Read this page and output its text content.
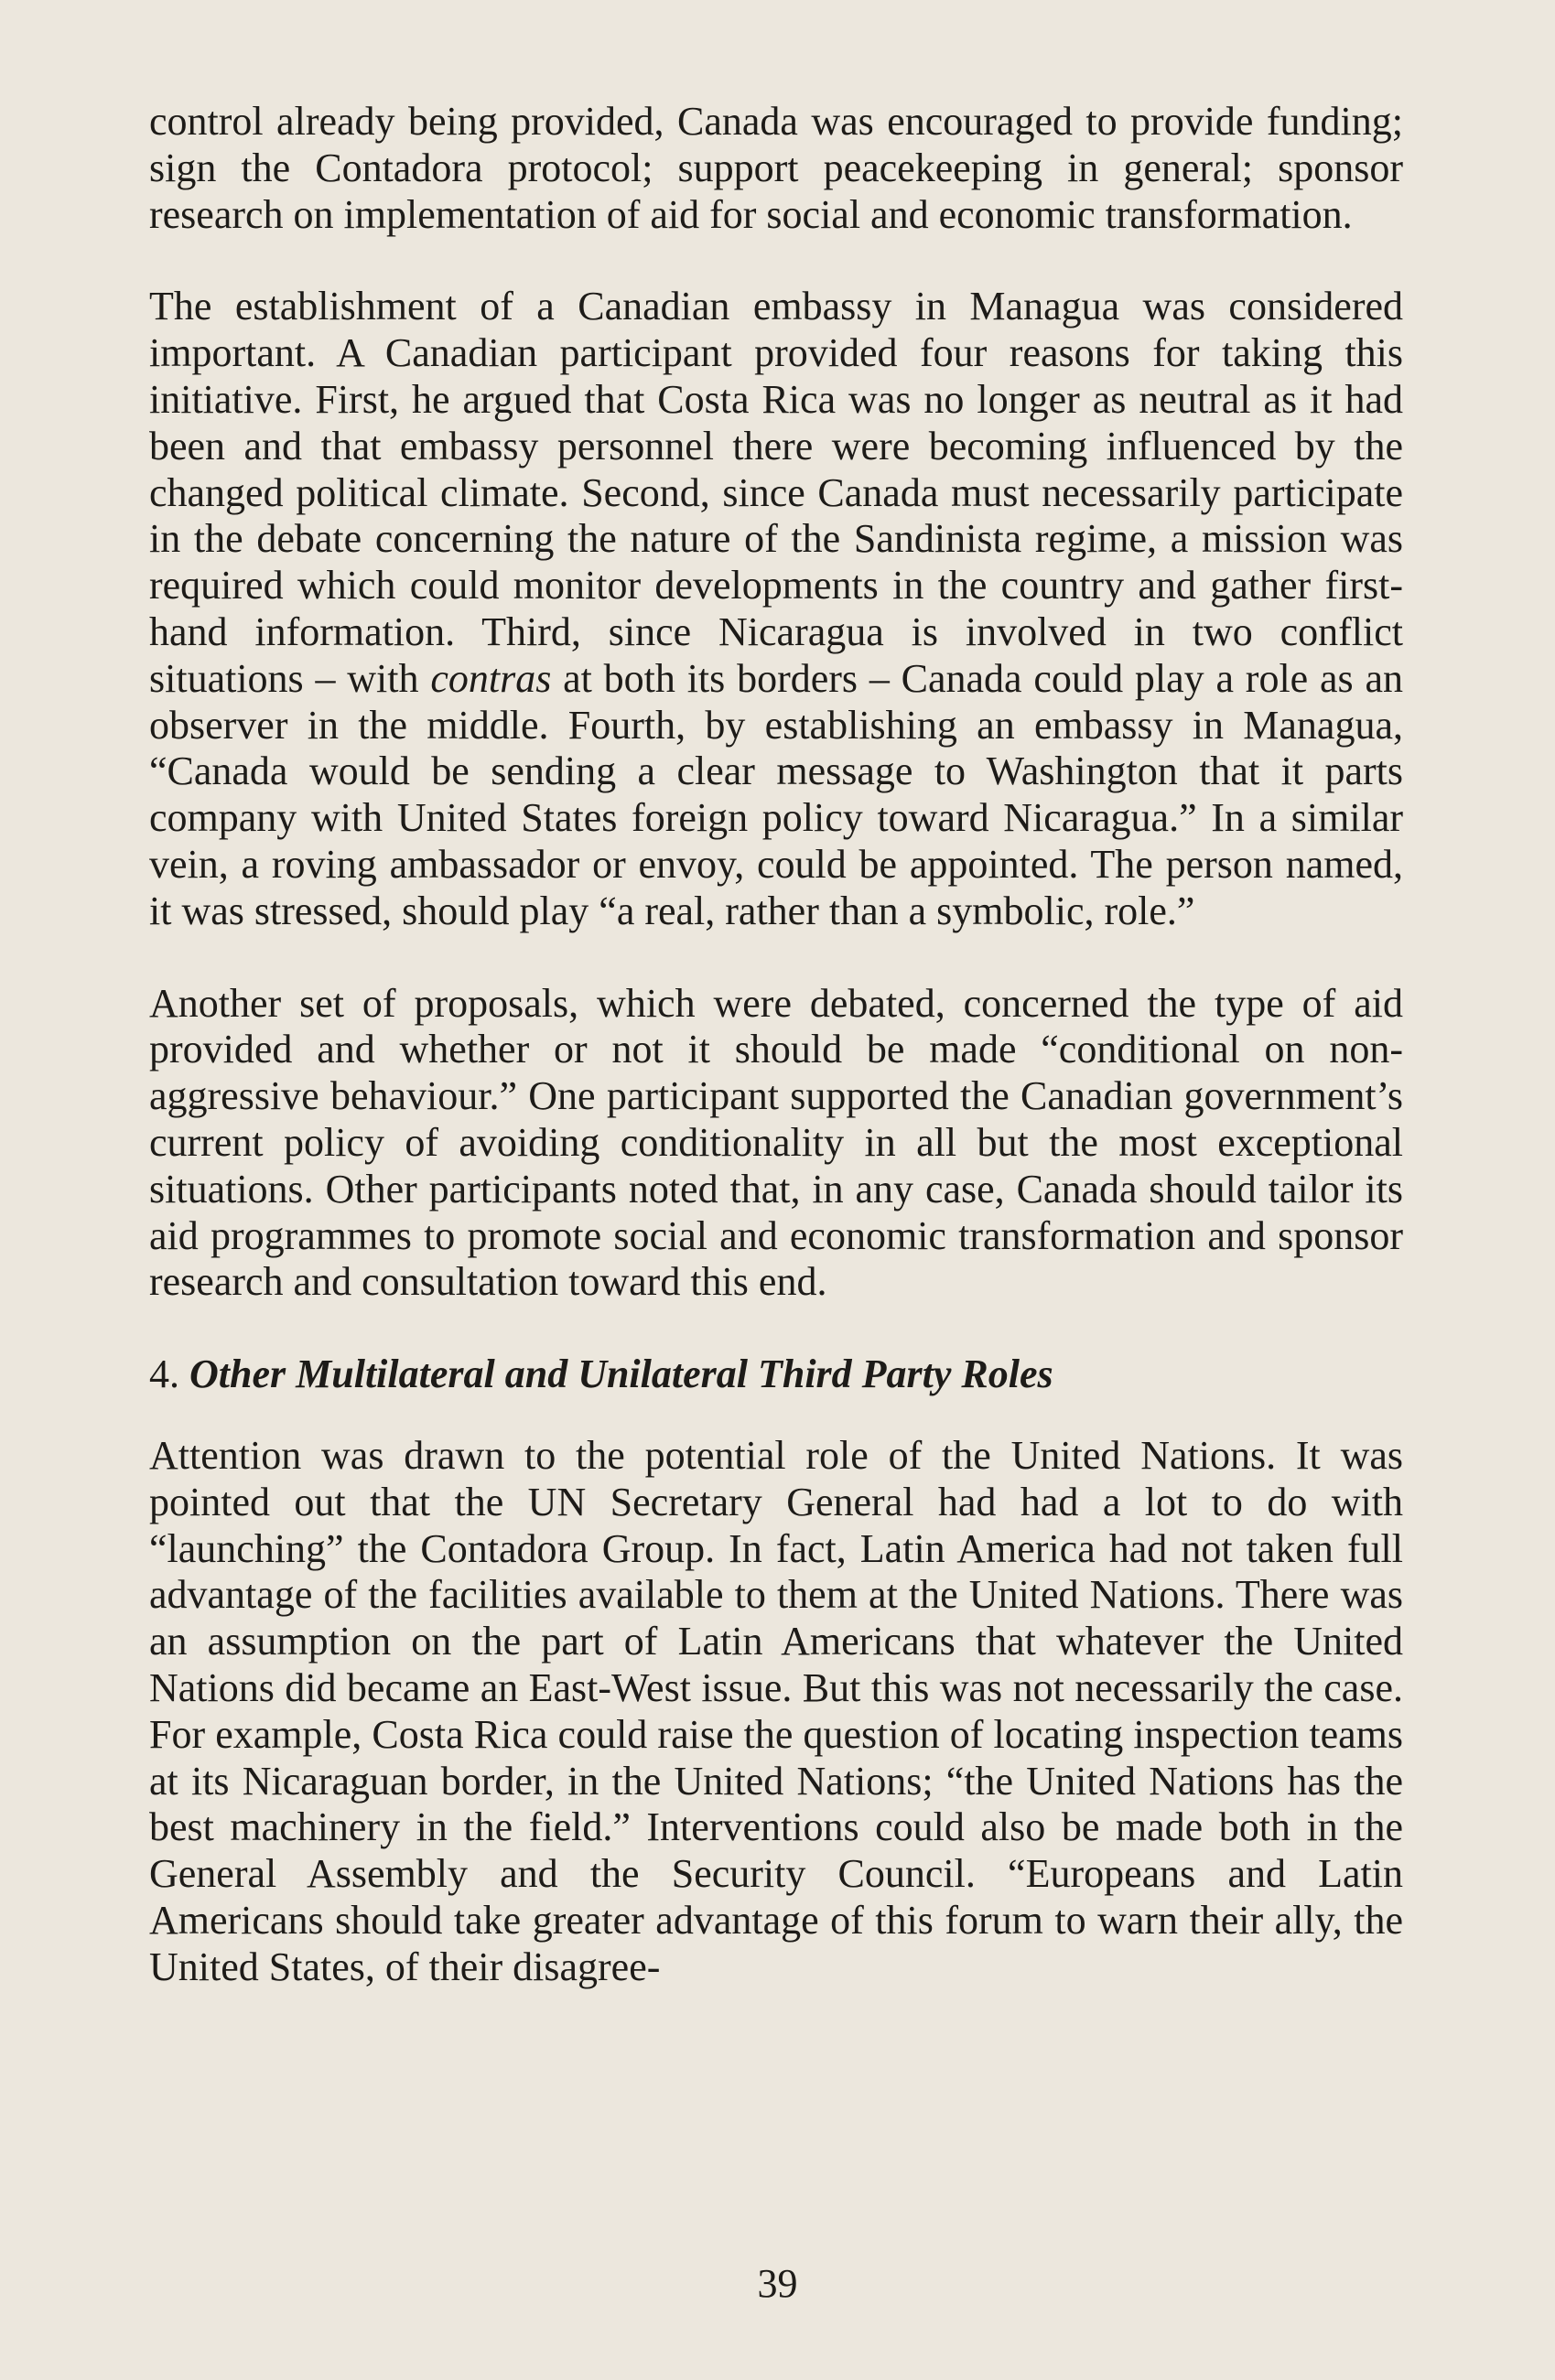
control already being provided, Canada was encouraged to provide funding; sign the Contadora protocol; support peacekeeping in general; sponsor research on implementation of aid for social and economic transformation.

The establishment of a Canadian embassy in Managua was considered important. A Canadian participant provided four reasons for taking this initiative. First, he argued that Costa Rica was no longer as neutral as it had been and that embassy personnel there were becoming influenced by the changed political climate. Second, since Canada must necessarily participate in the debate concerning the nature of the Sandinista regime, a mission was required which could monitor developments in the country and gather first-hand information. Third, since Nicaragua is involved in two conflict situations – with contras at both its borders – Canada could play a role as an observer in the middle. Fourth, by establishing an embassy in Managua, “Canada would be sending a clear message to Washington that it parts company with United States foreign policy toward Nicaragua.” In a similar vein, a roving ambassador or envoy, could be appointed. The person named, it was stressed, should play “a real, rather than a symbolic, role.”

Another set of proposals, which were debated, concerned the type of aid provided and whether or not it should be made “conditional on non-aggressive behaviour.” One participant supported the Canadian government’s current policy of avoiding conditionality in all but the most exceptional situations. Other participants noted that, in any case, Canada should tailor its aid programmes to promote social and economic transformation and sponsor research and consultation toward this end.

4. Other Multilateral and Unilateral Third Party Roles

Attention was drawn to the potential role of the United Nations. It was pointed out that the UN Secretary General had had a lot to do with “launching” the Contadora Group. In fact, Latin America had not taken full advantage of the facilities available to them at the United Nations. There was an assumption on the part of Latin Americans that whatever the United Nations did became an East-West issue. But this was not necessarily the case. For example, Costa Rica could raise the question of locating inspection teams at its Nicaraguan border, in the United Nations; “the United Nations has the best machinery in the field.” Interventions could also be made both in the General Assembly and the Security Council. “Europeans and Latin Americans should take greater advantage of this forum to warn their ally, the United States, of their disagree-

39
